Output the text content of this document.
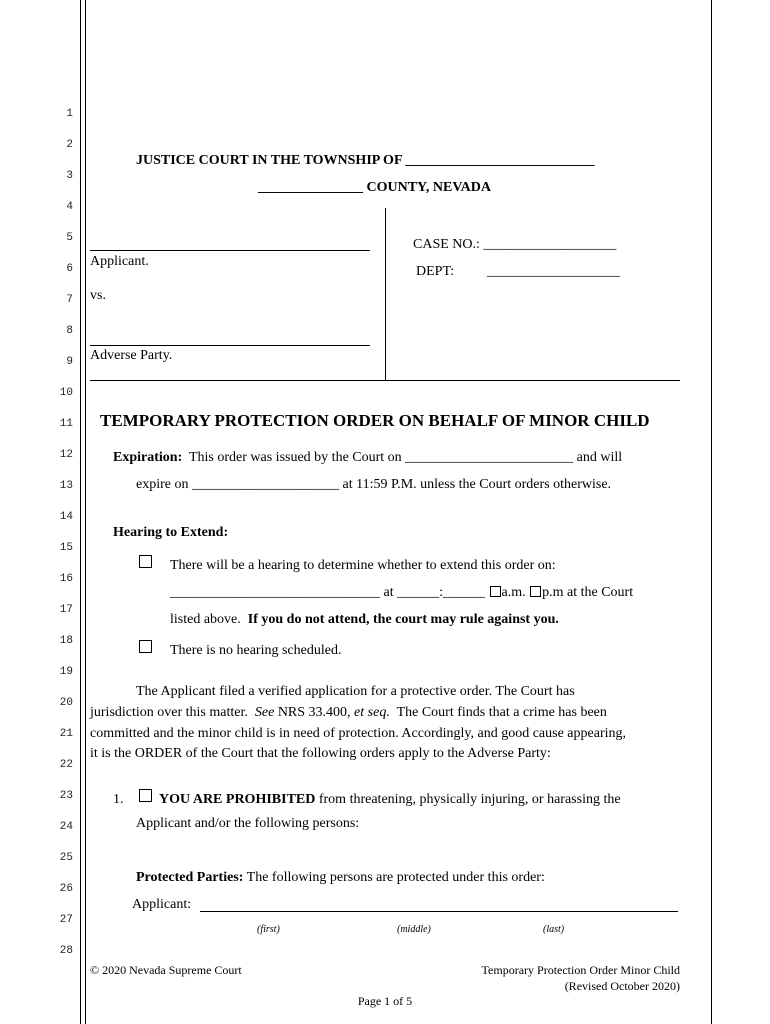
1
2
3
4
5
6
7
8
9
10
11
12
13
14
15
16
17
18
19
20
21
22
23
24
25
26
27
28
JUSTICE COURT IN THE TOWNSHIP OF ___________________________
_______________ COUNTY, NEVADA
Applicant.
vs.
Adverse Party.
CASE NO.: ___________________
DEPT: ___________________
TEMPORARY PROTECTION ORDER ON BEHALF OF MINOR CHILD
Expiration: This order was issued by the Court on ________________________ and will
expire on _____________________ at 11:59 P.M. unless the Court orders otherwise.
Hearing to Extend:
There will be a hearing to determine whether to extend this order on:
______________________________ at ______:______ a.m. p.m at the Court
listed above. If you do not attend, the court may rule against you.
There is no hearing scheduled.
The Applicant filed a verified application for a protective order. The Court has
jurisdiction over this matter. See NRS 33.400, et seq. The Court finds that a crime has been
committed and the minor child is in need of protection. Accordingly, and good cause appearing,
it is the ORDER of the Court that the following orders apply to the Adverse Party:
1.	YOU ARE PROHIBITED from threatening, physically injuring, or harassing the
Applicant and/or the following persons:
Protected Parties: The following persons are protected under this order:
Applicant:
(first)	(middle)	(last)
© 2020 Nevada Supreme Court	Temporary Protection Order Minor Child
(Revised October 2020)
Page 1 of 5
